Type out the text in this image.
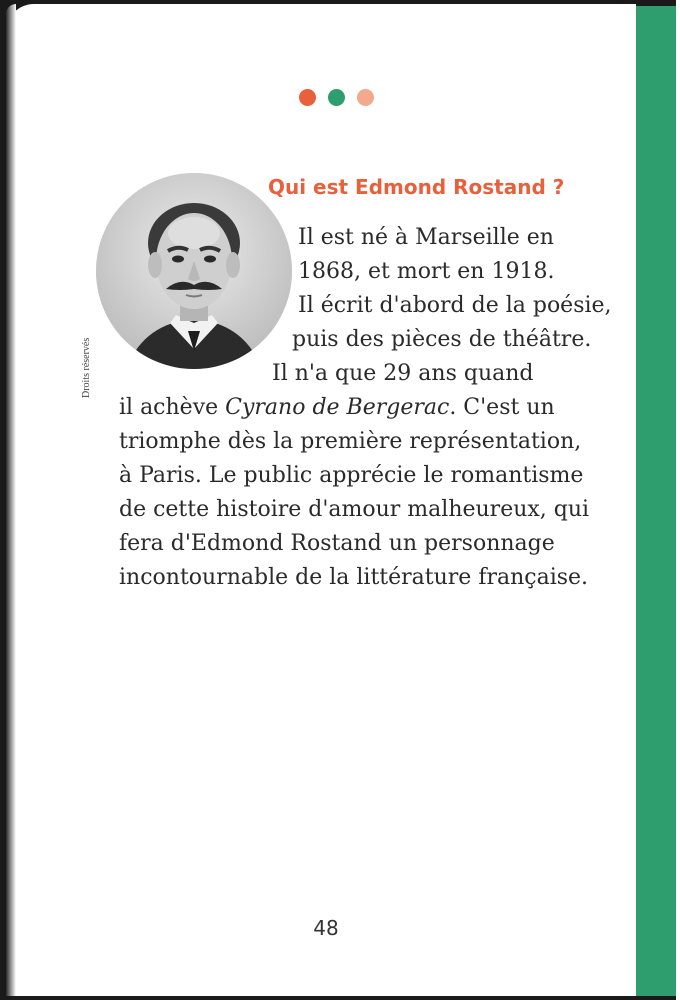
Qui est Edmond Rostand ?

Il est né à Marseille en

1868, et mort en 1918.

Il écrit d'abord de la poésie,

puis des pièces de théâtre.

Il n'a que 29 ans quand

il achève Cyrano de Bergerac. C'est un

triomphe dès la première représentation,

à Paris. Le public apprécie le romantisme

de cette histoire d'amour malheureux, qui

fera d'Edmond Rostand un personnage

incontournable de la littérature française.

Droits réservés
48
